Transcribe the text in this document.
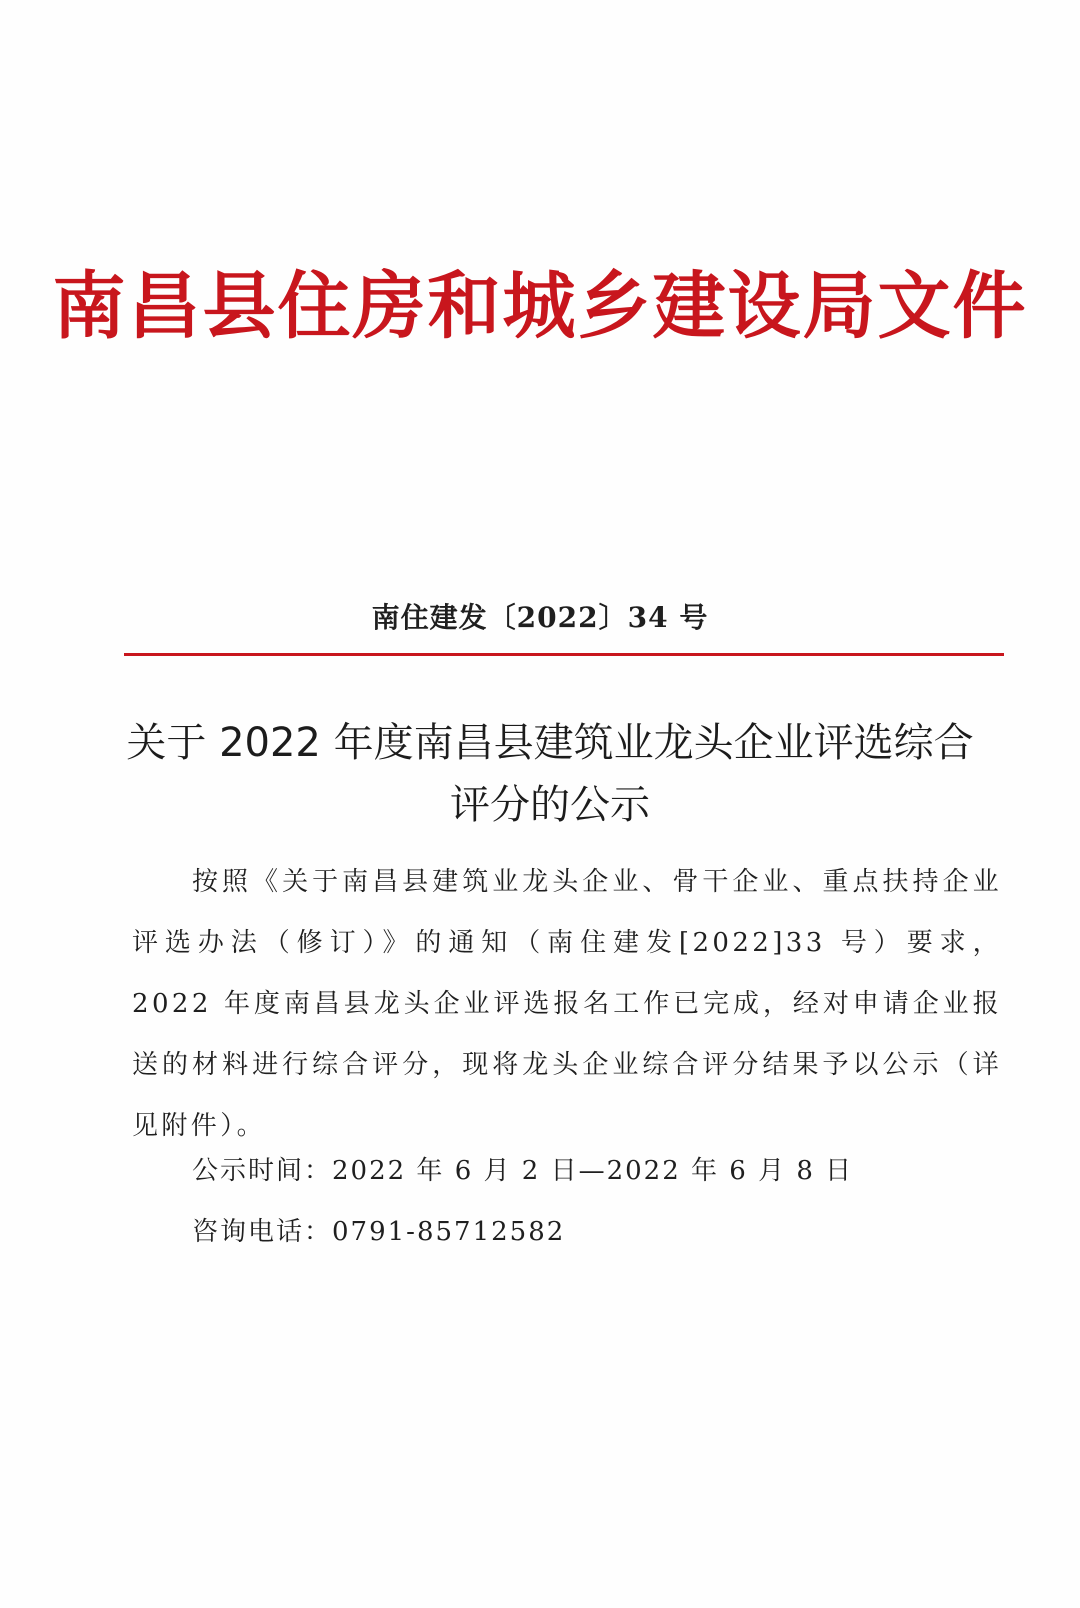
南昌县住房和城乡建设局文件
南住建发〔2022〕34 号
关于 2022 年度南昌县建筑业龙头企业评选综合
评分的公示
按照《关于南昌县建筑业龙头企业、骨干企业、重点扶持企业评选办法（修订）》的通知（南住建发[2022]33 号）要求，2022 年度南昌县龙头企业评选报名工作已完成，经对申请企业报送的材料进行综合评分，现将龙头企业综合评分结果予以公示（详见附件）。
公示时间：2022 年 6 月 2 日—2022 年 6 月 8 日
咨询电话：0791-85712582
